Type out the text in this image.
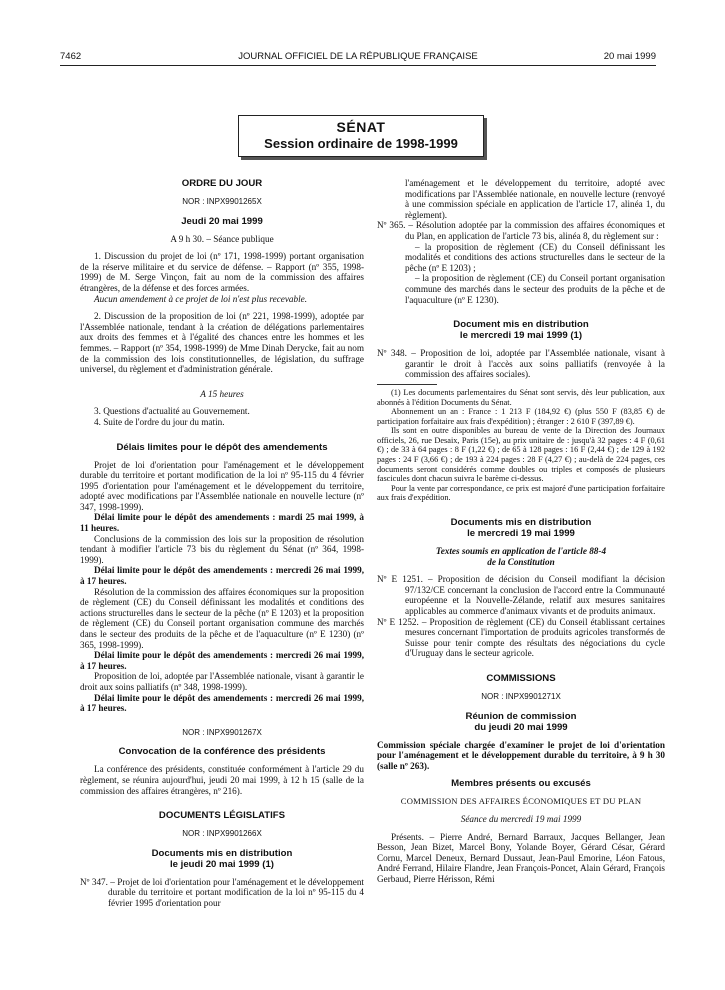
7462	JOURNAL OFFICIEL DE LA RÉPUBLIQUE FRANÇAISE	20 mai 1999
SÉNAT
Session ordinaire de 1998-1999
ORDRE DU JOUR
NOR : INPX9901265X
Jeudi 20 mai 1999

A 9 h 30. – Séance publique

1. Discussion du projet de loi (nº 171, 1998-1999) portant organisation de la réserve militaire et du service de défense. – Rapport (nº 355, 1998-1999) de M. Serge Vinçon, fait au nom de la commission des affaires étrangères, de la défense et des forces armées.

Aucun amendement à ce projet de loi n'est plus recevable.

2. Discussion de la proposition de loi (nº 221, 1998-1999), adoptée par l'Assemblée nationale, tendant à la création de délégations parlementaires aux droits des femmes et à l'égalité des chances entre les hommes et les femmes. – Rapport (nº 354, 1998-1999) de Mme Dinah Derycke, fait au nom de la commission des lois constitutionnelles, de législation, du suffrage universel, du règlement et d'administration générale.

A 15 heures

3. Questions d'actualité au Gouvernement.

4. Suite de l'ordre du jour du matin.

Délais limites pour le dépôt des amendements

Projet de loi d'orientation pour l'aménagement et le développement durable du territoire et portant modification de la loi nº 95-115 du 4 février 1995 d'orientation pour l'aménagement et le développement du territoire, adopté avec modifications par l'Assemblée nationale en nouvelle lecture (nº 347, 1998-1999).

Délai limite pour le dépôt des amendements : mardi 25 mai 1999, à 11 heures.

Conclusions de la commission des lois sur la proposition de résolution tendant à modifier l'article 73 bis du règlement du Sénat (nº 364, 1998-1999).

Délai limite pour le dépôt des amendements : mercredi 26 mai 1999, à 17 heures.

Résolution de la commission des affaires économiques sur la proposition de règlement (CE) du Conseil définissant les modalités et conditions des actions structurelles dans le secteur de la pêche (nº E 1203) et la proposition de règlement (CE) du Conseil portant organisation commune des marchés dans le secteur des produits de la pêche et de l'aquaculture (nº E 1230) (nº 365, 1998-1999).

Délai limite pour le dépôt des amendements : mercredi 26 mai 1999, à 17 heures.

Proposition de loi, adoptée par l'Assemblée nationale, visant à garantir le droit aux soins palliatifs (nº 348, 1998-1999).

Délai limite pour le dépôt des amendements : mercredi 26 mai 1999, à 17 heures.

NOR : INPX9901267X
Convocation de la conférence des présidents

La conférence des présidents, constituée conformément à l'article 29 du règlement, se réunira aujourd'hui, jeudi 20 mai 1999, à 12 h 15 (salle de la commission des affaires étrangères, nº 216).

DOCUMENTS LÉGISLATIFS
NOR : INPX9901266X
Documents mis en distribution
le jeudi 20 mai 1999 (1)

Nº 347. – Projet de loi d'orientation pour l'aménagement et le développement durable du territoire et portant modification de la loi nº 95-115 du 4 février 1995 d'orientation pour

l'aménagement et le développement du territoire, adopté avec modifications par l'Assemblée nationale, en nouvelle lecture (renvoyé à une commission spéciale en application de l'article 17, alinéa 1, du règlement).

Nº 365. – Résolution adoptée par la commission des affaires économiques et du Plan, en application de l'article 73 bis, alinéa 8, du règlement sur :

– la proposition de règlement (CE) du Conseil définissant les modalités et conditions des actions structurelles dans le secteur de la pêche (nº E 1203) ;

– la proposition de règlement (CE) du Conseil portant organisation commune des marchés dans le secteur des produits de la pêche et de l'aquaculture (nº E 1230).

Document mis en distribution
le mercredi 19 mai 1999 (1)

Nº 348. – Proposition de loi, adoptée par l'Assemblée nationale, visant à garantir le droit à l'accès aux soins palliatifs (renvoyée à la commission des affaires sociales).

(1) Les documents parlementaires du Sénat sont servis, dès leur publication, aux abonnés à l'édition Documents du Sénat.

Abonnement un an : France : 1 213 F (184,92 €) (plus 550 F (83,85 €) de participation forfaitaire aux frais d'expédition) ; étranger : 2 610 F (397,89 €).

Ils sont en outre disponibles au bureau de vente de la Direction des Journaux officiels, 26, rue Desaix, Paris (15e), au prix unitaire de : jusqu'à 32 pages : 4 F (0,61 €) ; de 33 à 64 pages : 8 F (1,22 €) ; de 65 à 128 pages : 16 F (2,44 €) ; de 129 à 192 pages : 24 F (3,66 €) ; de 193 à 224 pages : 28 F (4,27 €) ; au-delà de 224 pages, ces documents seront considérés comme doubles ou triples et composés de plusieurs fascicules dont chacun suivra le barème ci-dessus.

Pour la vente par correspondance, ce prix est majoré d'une participation forfaitaire aux frais d'expédition.

Documents mis en distribution
le mercredi 19 mai 1999

Textes soumis en application de l'article 88-4

de la Constitution

Nº E 1251. – Proposition de décision du Conseil modifiant la décision 97/132/CE concernant la conclusion de l'accord entre la Communauté européenne et la Nouvelle-Zélande, relatif aux mesures sanitaires applicables au commerce d'animaux vivants et de produits animaux.

Nº E 1252. – Proposition de règlement (CE) du Conseil établissant certaines mesures concernant l'importation de produits agricoles transformés de Suisse pour tenir compte des résultats des négociations du cycle d'Uruguay dans le secteur agricole.

COMMISSIONS
NOR : INPX9901271X
Réunion de commission
du jeudi 20 mai 1999

Commission spéciale chargée d'examiner le projet de loi d'orientation pour l'aménagement et le développement durable du territoire, à 9 h 30 (salle nº 263).

Membres présents ou excusés

COMMISSION DES AFFAIRES ÉCONOMIQUES ET DU PLAN

Séance du mercredi 19 mai 1999

Présents. – Pierre André, Bernard Barraux, Jacques Bellanger, Jean Besson, Jean Bizet, Marcel Bony, Yolande Boyer, Gérard César, Gérard Cornu, Marcel Deneux, Bernard Dussaut, Jean-Paul Emorine, Léon Fatous, André Ferrand, Hilaire Flandre, Jean François-Poncet, Alain Gérard, François Gerbaud, Pierre Hérisson, Rémi
